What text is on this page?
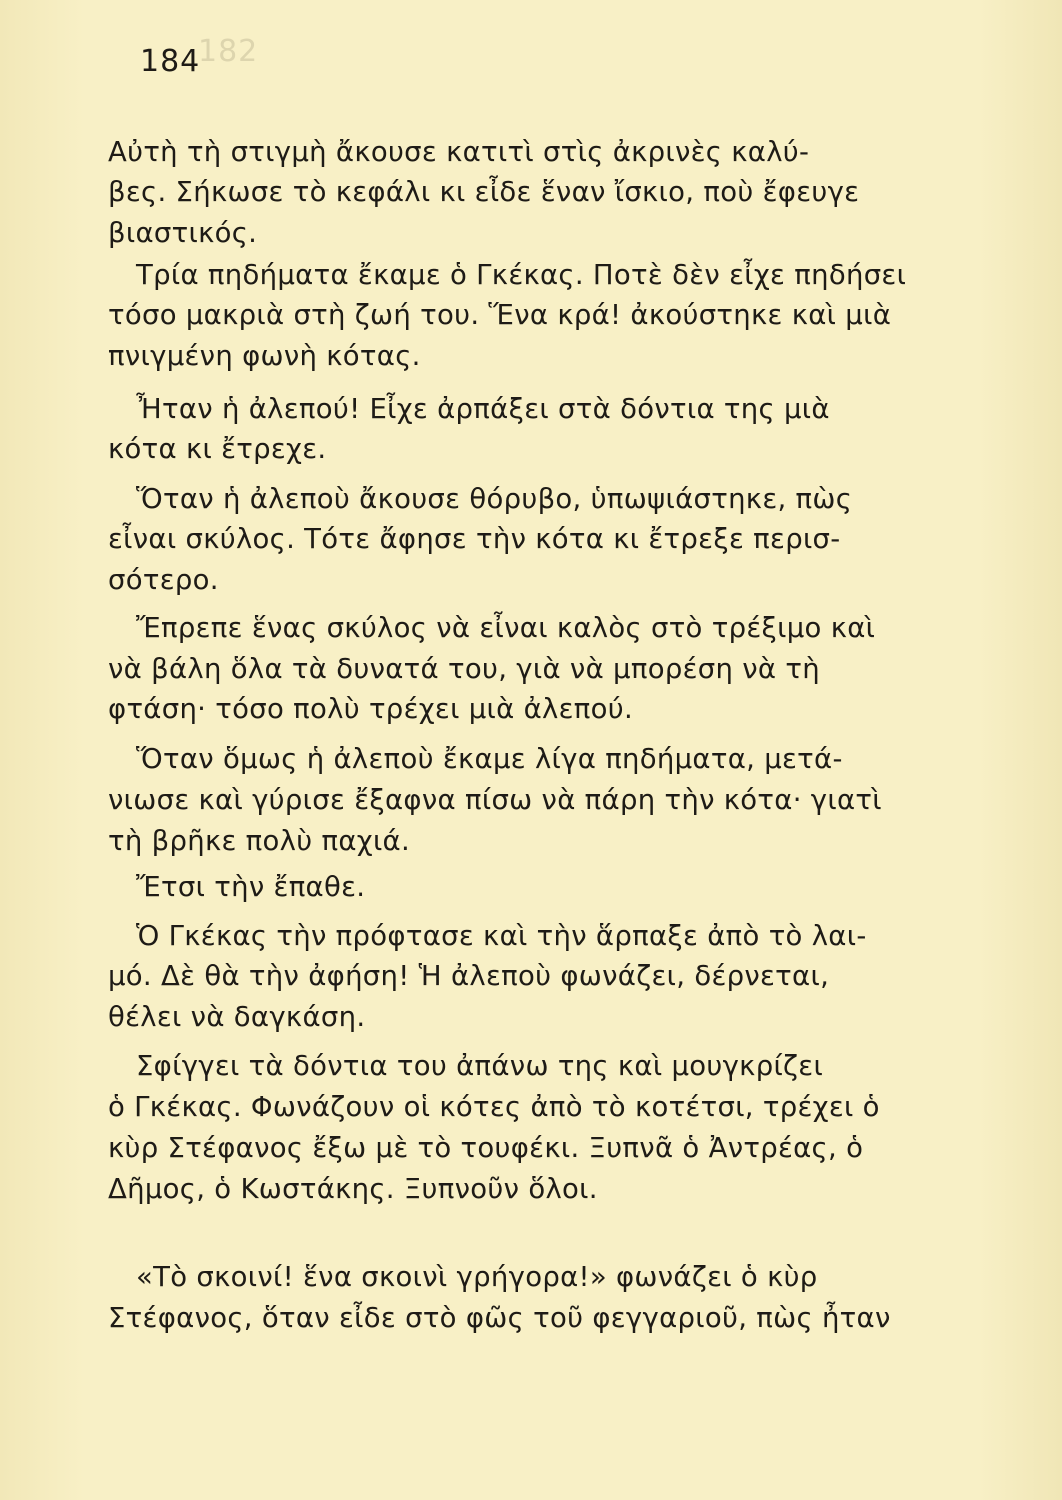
182
184
Αὐτὴ τὴ στιγμὴ ἄκουσε κατιτὶ στὶς ἀκρινὲς καλύ-
βες. Σήκωσε τὸ κεφάλι κι εἶδε ἕναν ἴσκιο, ποὺ ἔφευγε
βιαστικός.
Τρία πηδήματα ἔκαμε ὁ Γκέκας. Ποτὲ δὲν εἶχε πηδήσει
τόσο μακριὰ στὴ ζωή του. Ἕνα κρά! ἀκούστηκε καὶ μιὰ
πνιγμένη φωνὴ κότας.
Ἦταν ἡ ἀλεπού! Εἶχε ἀρπάξει στὰ δόντια της μιὰ
κότα κι ἔτρεχε.
Ὅταν ἡ ἀλεποὺ ἄκουσε θόρυβο, ὑπωψιάστηκε, πὼς
εἶναι σκύλος. Τότε ἄφησε τὴν κότα κι ἔτρεξε περισ-
σότερο.
Ἔπρεπε ἕνας σκύλος νὰ εἶναι καλὸς στὸ τρέξιμο καὶ
νὰ βάλη ὅλα τὰ δυνατά του, γιὰ νὰ μπορέση νὰ τὴ
φτάση· τόσο πολὺ τρέχει μιὰ ἀλεπού.
Ὅταν ὅμως ἡ ἀλεποὺ ἔκαμε λίγα πηδήματα, μετά-
νιωσε καὶ γύρισε ἔξαφνα πίσω νὰ πάρη τὴν κότα· γιατὶ
τὴ βρῆκε πολὺ παχιά.
Ἔτσι τὴν ἔπαθε.
Ὁ Γκέκας τὴν πρόφτασε καὶ τὴν ἅρπαξε ἀπὸ τὸ λαι-
μό. Δὲ θὰ τὴν ἀφήση! Ἡ ἀλεποὺ φωνάζει, δέρνεται,
θέλει νὰ δαγκάση.
Σφίγγει τὰ δόντια του ἀπάνω της καὶ μουγκρίζει
ὁ Γκέκας. Φωνάζουν οἱ κότες ἀπὸ τὸ κοτέτσι, τρέχει ὁ
κὺρ Στέφανος ἔξω μὲ τὸ τουφέκι. Ξυπνᾶ ὁ Ἀντρέας, ὁ
Δῆμος, ὁ Κωστάκης. Ξυπνοῦν ὅλοι.
«Τὸ σκοινί! ἕνα σκοινὶ γρήγορα!» φωνάζει ὁ κὺρ
Στέφανος, ὅταν εἶδε στὸ φῶς τοῦ φεγγαριοῦ, πὼς ἦταν
